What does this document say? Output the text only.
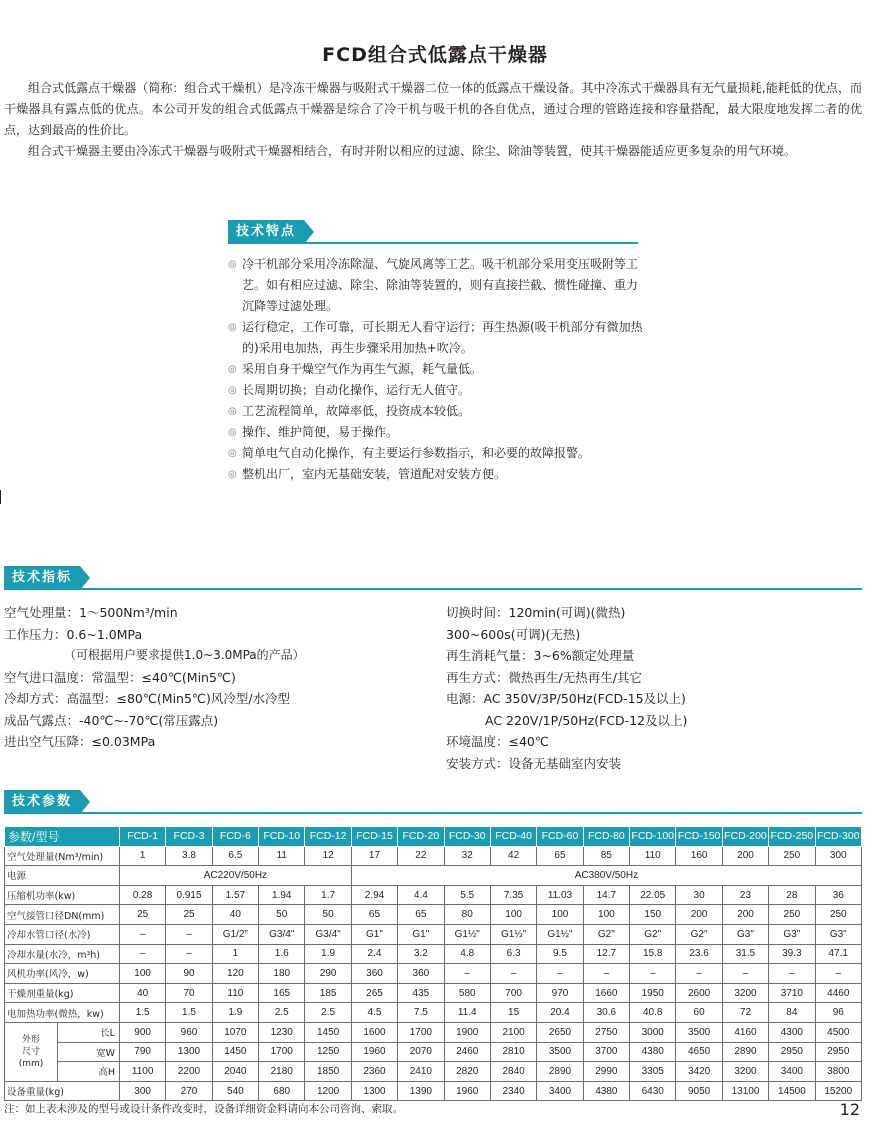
FCD组合式低露点干燥器

组合式低露点干燥器（简称：组合式干燥机）是冷冻干燥器与吸附式干燥器二位一体的低露点干燥设备。其中冷冻式干燥器具有无气量损耗,能耗低的优点，而干燥器具有露点低的优点。本公司开发的组合式低露点干燥器是综合了冷干机与吸干机的各自优点，通过合理的管路连接和容量搭配，最大限度地发挥二者的优点，达到最高的性价比。

组合式干燥器主要由冷冻式干燥器与吸附式干燥器相结合，有时并附以相应的过滤、除尘、除油等装置，使其干燥器能适应更多复杂的用气环境。

技术特点
◎ 冷干机部分采用冷冻除湿、气旋风离等工艺。吸干机部分采用变压吸附等工艺。如有相应过滤、除尘、除油等装置的，则有直接拦截、惯性碰撞、重力沉降等过滤处理。
◎ 运行稳定，工作可靠，可长期无人看守运行；再生热源(吸干机部分有微加热的)采用电加热，再生步骤采用加热+吹冷。
◎ 采用自身干燥空气作为再生气源，耗气量低。
◎ 长周期切换；自动化操作，运行无人值守。
◎ 工艺流程简单，故障率低，投资成本较低。
◎ 操作、维护简便，易于操作。
◎ 简单电气自动化操作，有主要运行参数指示，和必要的故障报警。
◎ 整机出厂，室内无基础安装，管道配对安装方便。
技术指标
空气处理量：1～500Nm³/min
工作压力：0.6~1.0MPa
（可根据用户要求提供1.0~3.0MPa的产品）
空气进口温度：常温型：≤40℃(Min5℃)
冷却方式：高温型：≤80℃(Min5℃)风冷型/水冷型
成品气露点：-40℃~-70℃(常压露点)
进出空气压降：≤0.03MPa
切换时间：120min(可调)(微热)
300~600s(可调)(无热)
再生消耗气量：3~6%额定处理量
再生方式：微热再生/无热再生/其它
电源：AC 350V/3P/50Hz(FCD-15及以上)
AC 220V/1P/50Hz(FCD-12及以上)
环境温度：≤40℃
安装方式：设备无基础室内安装
技术参数
参数/型号		FCD-1	FCD-3	FCD-6	FCD-10	FCD-12	FCD-15	FCD-20	FCD-30	FCD-40	FCD-60	FCD-80	FCD-100	FCD-150	FCD-200	FCD-250	FCD-300
空气处理量(Nm³/min)		1	3.8	6.5	11	12	17	22	32	42	65	85	110	160	200	250	300
电源		AC220V/50Hz					AC380V/50Hz										
压缩机功率(kw)		0.28	0.915	1.57	1.94	1.7	2.94	4.4	5.5	7.35	11.03	14.7	22.05	30	23	28	36
空气接管口径DN(mm)		25	25	40	50	50	65	65	80	100	100	100	150	200	200	250	250
冷却水管口径(水冷)		–	–	G1/2"	G3/4"	G3/4"	G1"	G1"	G1½"	G1½"	G1½"	G2"	G2"	G2"	G3"	G3"	G3"
冷却水量(水冷，m³h)		–	–	1	1.6	1.9	2.4	3.2	4.8	6.3	9.5	12.7	15.8	23.6	31.5	39.3	47.1
风机功率(风冷，w)		100	90	120	180	290	360	360	–	–	–	–	–	–	–	–	–
干燥剂重量(kg)		40	70	110	165	185	265	435	580	700	970	1660	1950	2600	3200	3710	4460
电加热功率(微热，kw)		1.5	1.5	1.9	2.5	2.5	4.5	7.5	11.4	15	20.4	30.6	40.8	60	72	84	96
外形
尺寸
(mm)	长L	900	960	1070	1230	1450	1600	1700	1900	2100	2650	2750	3000	3500	4160	4300	4500
	宽W	790	1300	1450	1700	1250	1960	2070	2460	2810	3500	3700	4380	4650	2890	2950	2950
	高H	1100	2200	2040	2180	1850	2360	2410	2820	2840	2890	2990	3305	3420	3200	3400	3800
设备重量(kg)		300	270	540	680	1200	1300	1390	1960	2340	3400	4380	6430	9050	13100	14500	15200
注：如上表未涉及的型号或设计条件改变时，设备详细资金料请向本公司咨询、索取。	12
